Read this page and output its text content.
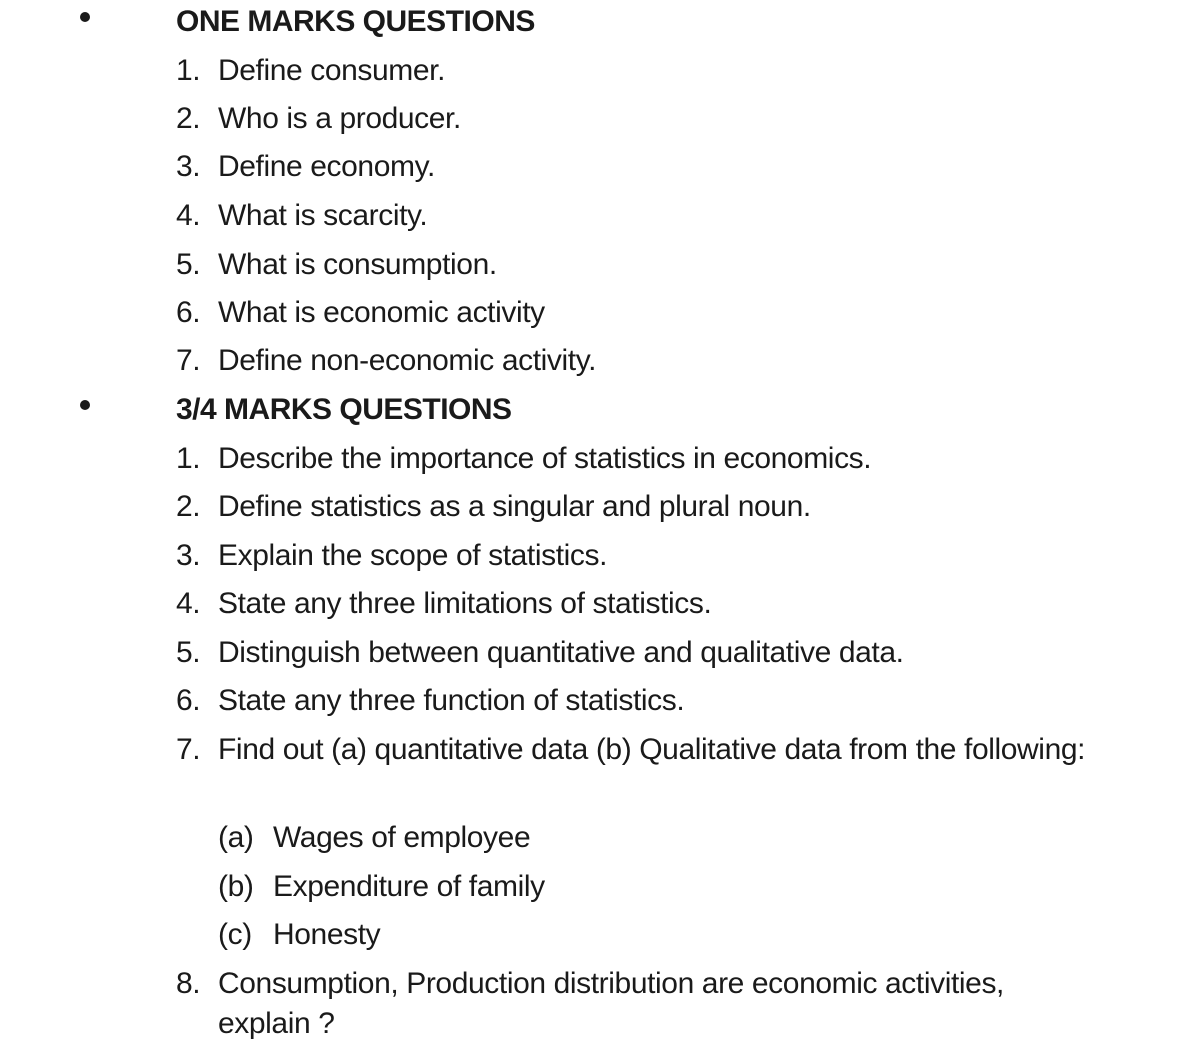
ONE MARKS QUESTIONS
1. Define consumer.
2. Who is a producer.
3. Define economy.
4. What is scarcity.
5. What is consumption.
6. What is economic activity
7. Define non-economic activity.
3/4 MARKS QUESTIONS
1. Describe the importance of statistics in economics.
2. Define statistics as a singular and plural noun.
3. Explain the scope of statistics.
4. State any three limitations of statistics.
5. Distinguish between quantitative and qualitative data.
6. State any three function of statistics.
7. Find out (a) quantitative data (b) Qualitative data from the following:
(a) Wages of employee
(b) Expenditure of family
(c) Honesty
8. Consumption, Production distribution are economic activities, explain ?
